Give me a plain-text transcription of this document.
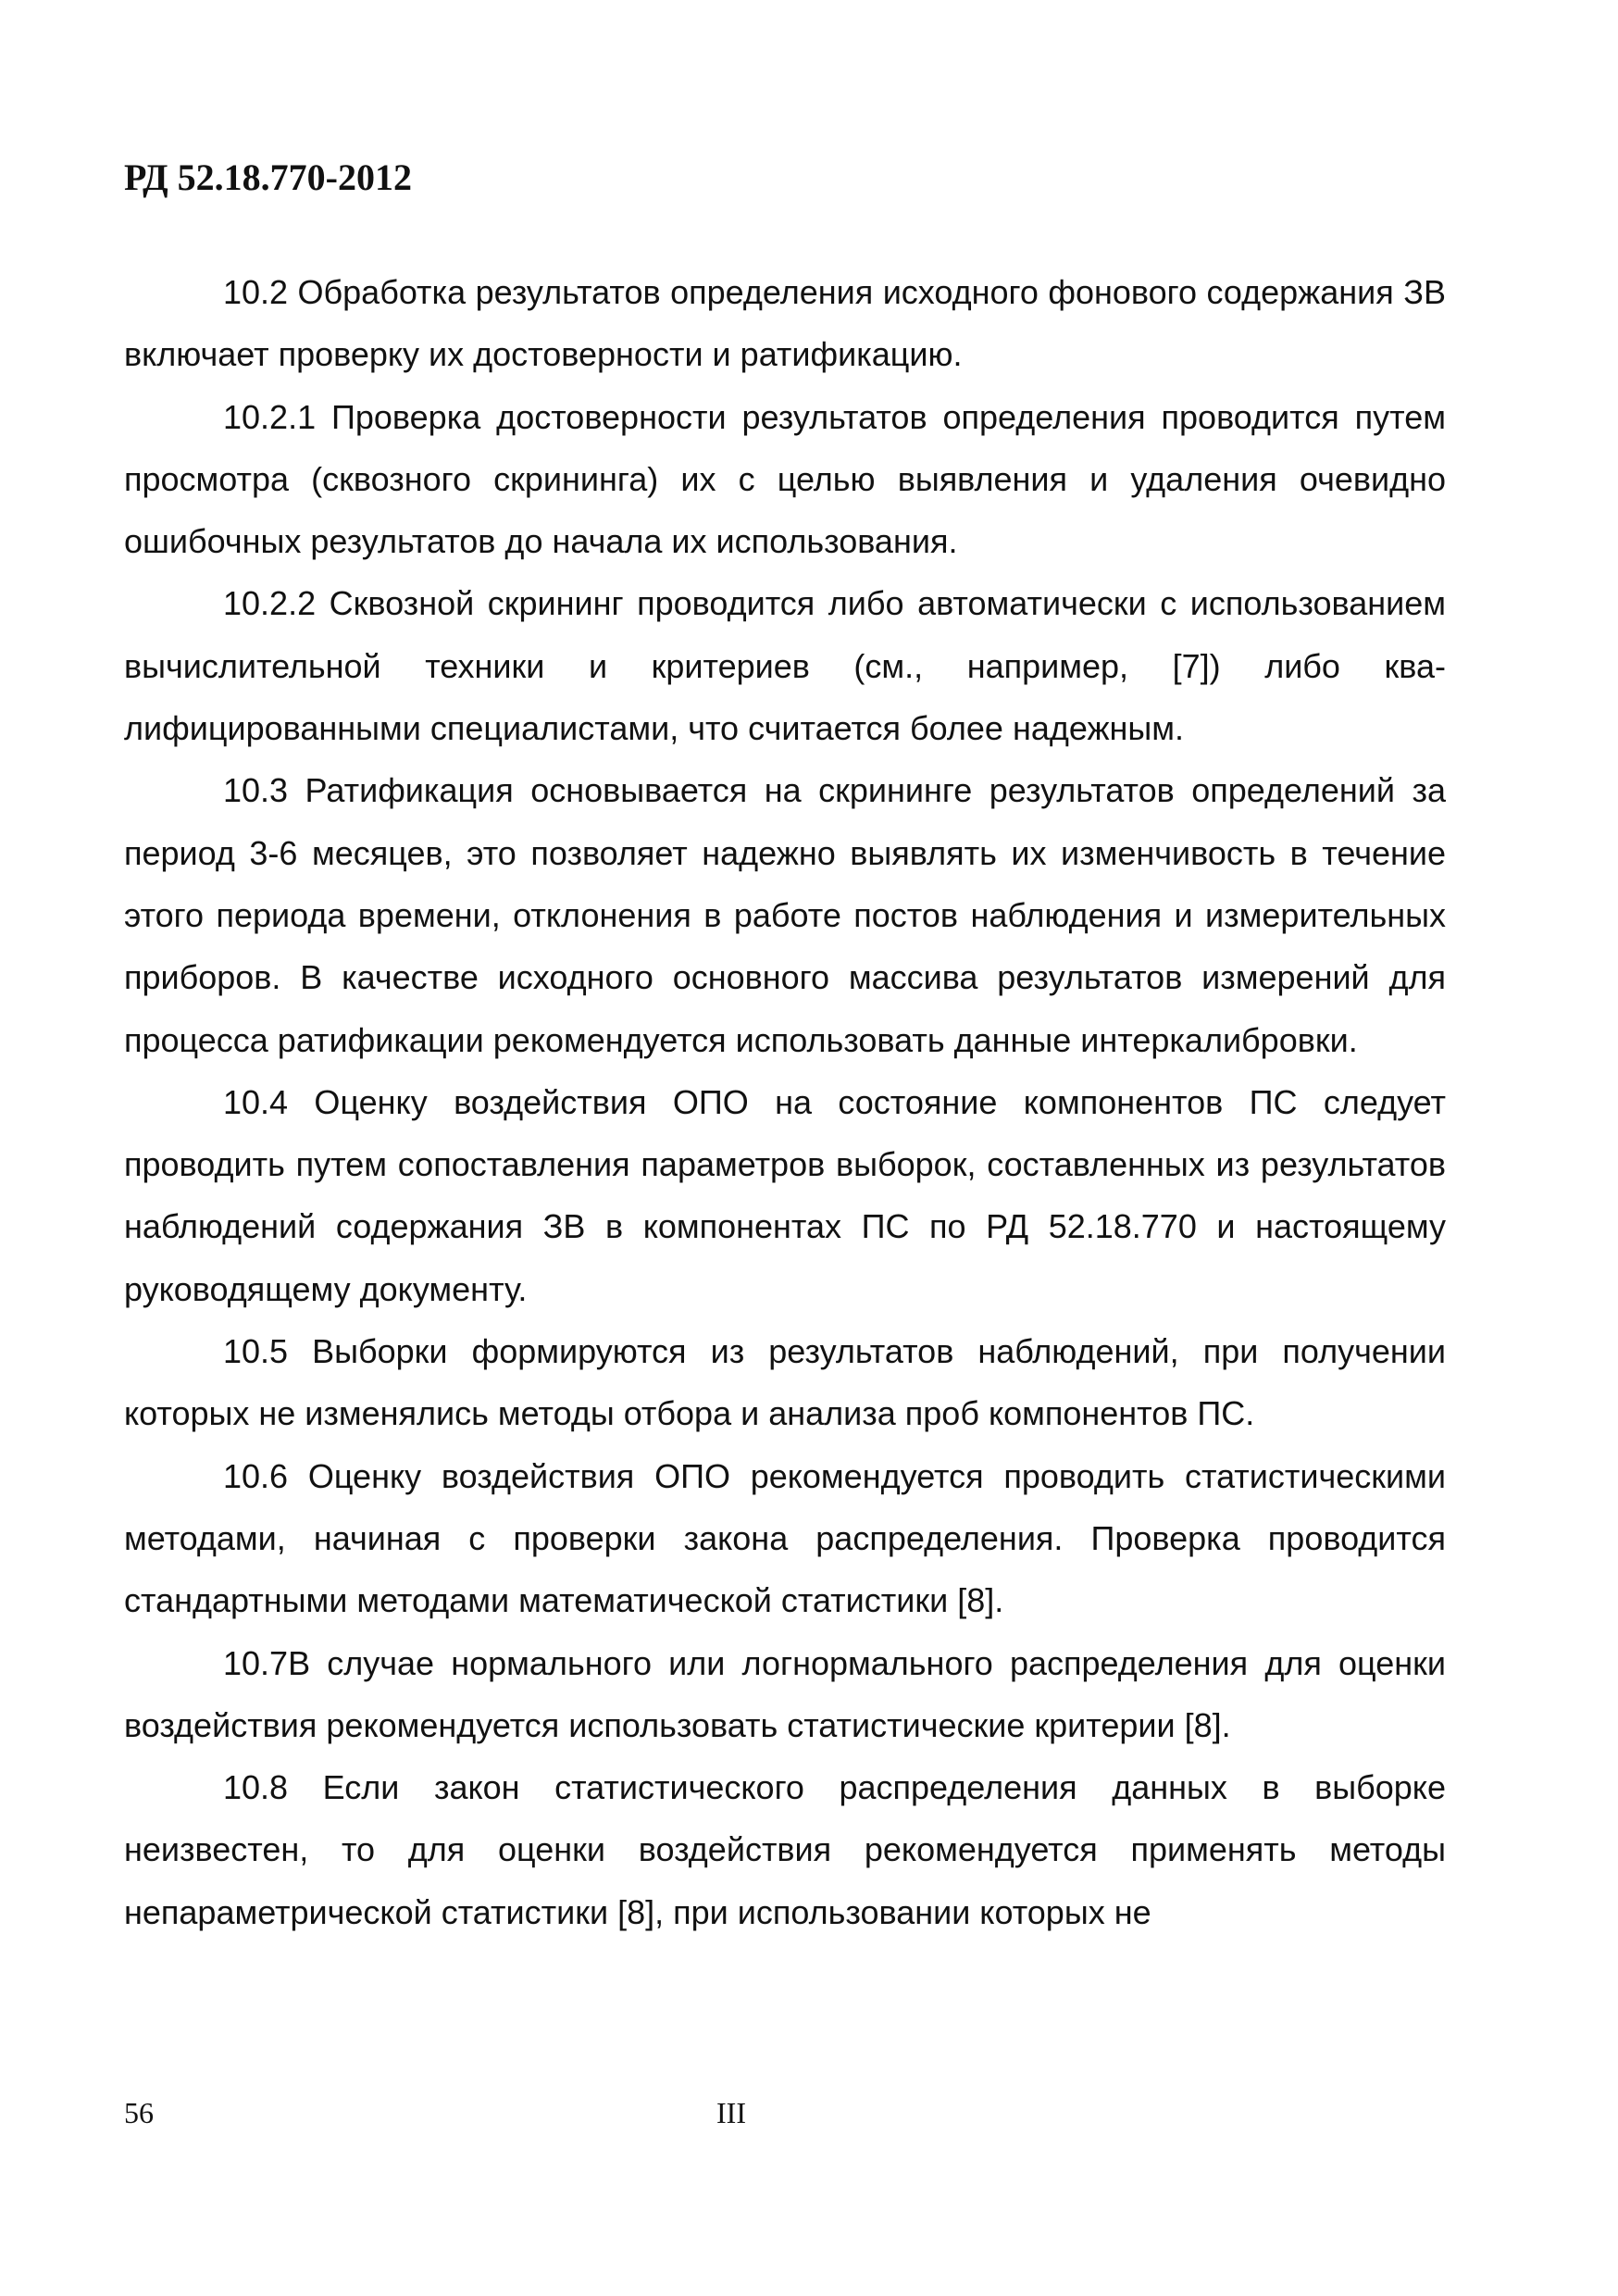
РД 52.18.770-2012

10.2 Обработка результатов определения исходного фонового содержания ЗВ включает проверку их достоверности и ратификацию.

10.2.1 Проверка достоверности результатов определения проводится путем просмотра (сквозного скрининга) их с целью выявления и удаления очевидно ошибочных результатов до начала их использования.

10.2.2 Сквозной скрининг проводится либо автоматически с использованием вычислительной техники и критериев (см., например, [7]) либо квалифицированными специалистами, что считается более надежным.

10.3 Ратификация основывается на скрининге результатов определений за период 3-6 месяцев, это позволяет надежно выявлять их изменчивость в течение этого периода времени, отклонения в работе постов наблюдения и измерительных приборов. В качестве исходного основного массива результатов измерений для процесса ратификации рекомендуется использовать данные интеркалибровки.

10.4 Оценку воздействия ОПО на состояние компонентов ПС следует проводить путем сопоставления параметров выборок, составленных из результатов наблюдений содержания ЗВ в компонентах ПС по РД 52.18.770 и настоящему руководящему документу.

10.5 Выборки формируются из результатов наблюдений, при получении которых не изменялись методы отбора и анализа проб компонентов ПС.

10.6 Оценку воздействия ОПО рекомендуется проводить статистическими методами, начиная с проверки закона распределения. Проверка проводится стандартными методами математической статистики [8].

10.7В случае нормального или логнормального распределения для оценки воздействия рекомендуется использовать статистические критерии [8].

10.8 Если закон статистического распределения данных в выборке неизвестен, то для оценки воздействия рекомендуется применять методы непараметрической статистики [8], при использовании которых не

56	III
